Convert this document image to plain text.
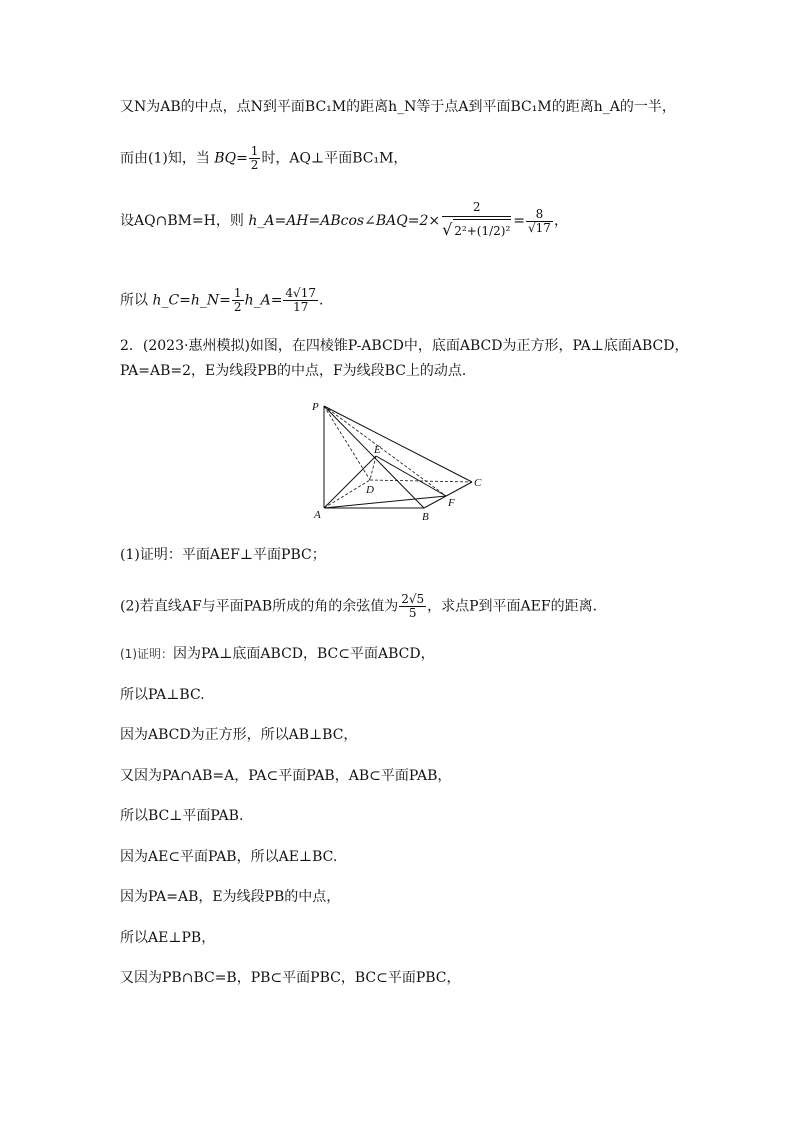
又N为AB的中点，点N到平面BC₁M的距离h_N等于点A到平面BC₁M的距离h_A的一半，
而由(1)知，当 $BQ= \frac{1}{2}$ 时，AQ⊥平面BC₁M，
设AQ∩BM=H，则 h_A=AH=ABcos∠BAQ=2× $\frac{2}{\text{√ 2²+(1/2)²}} = \frac{8}{√17}$ ，
所以 h_C=h_N= $\frac{1}{2}$ h_A= $\frac{4√17}{17}$ .
2．(2023·惠州模拟)如图，在四棱锥P-ABCD中，底面ABCD为正方形，PA⊥底面ABCD，
PA=AB=2，E为线段PB的中点，F为线段BC上的动点．
P
E
D
C
F
A	B
(1)证明：平面AEF⊥平面PBC；
(2)若直线AF与平面PAB所成的角的余弦值为 $\frac{2√5}{5}$ ，求点P到平面AEF的距离．
(1)证明：因为PA⊥底面ABCD，BC⊂平面ABCD，
所以PA⊥BC.
因为ABCD为正方形，所以AB⊥BC，
又因为PA∩AB=A，PA⊂平面PAB，AB⊂平面PAB，
所以BC⊥平面PAB.
因为AE⊂平面PAB，所以AE⊥BC.
因为PA=AB，E为线段PB的中点，
所以AE⊥PB，
又因为PB∩BC=B，PB⊂平面PBC，BC⊂平面PBC，
